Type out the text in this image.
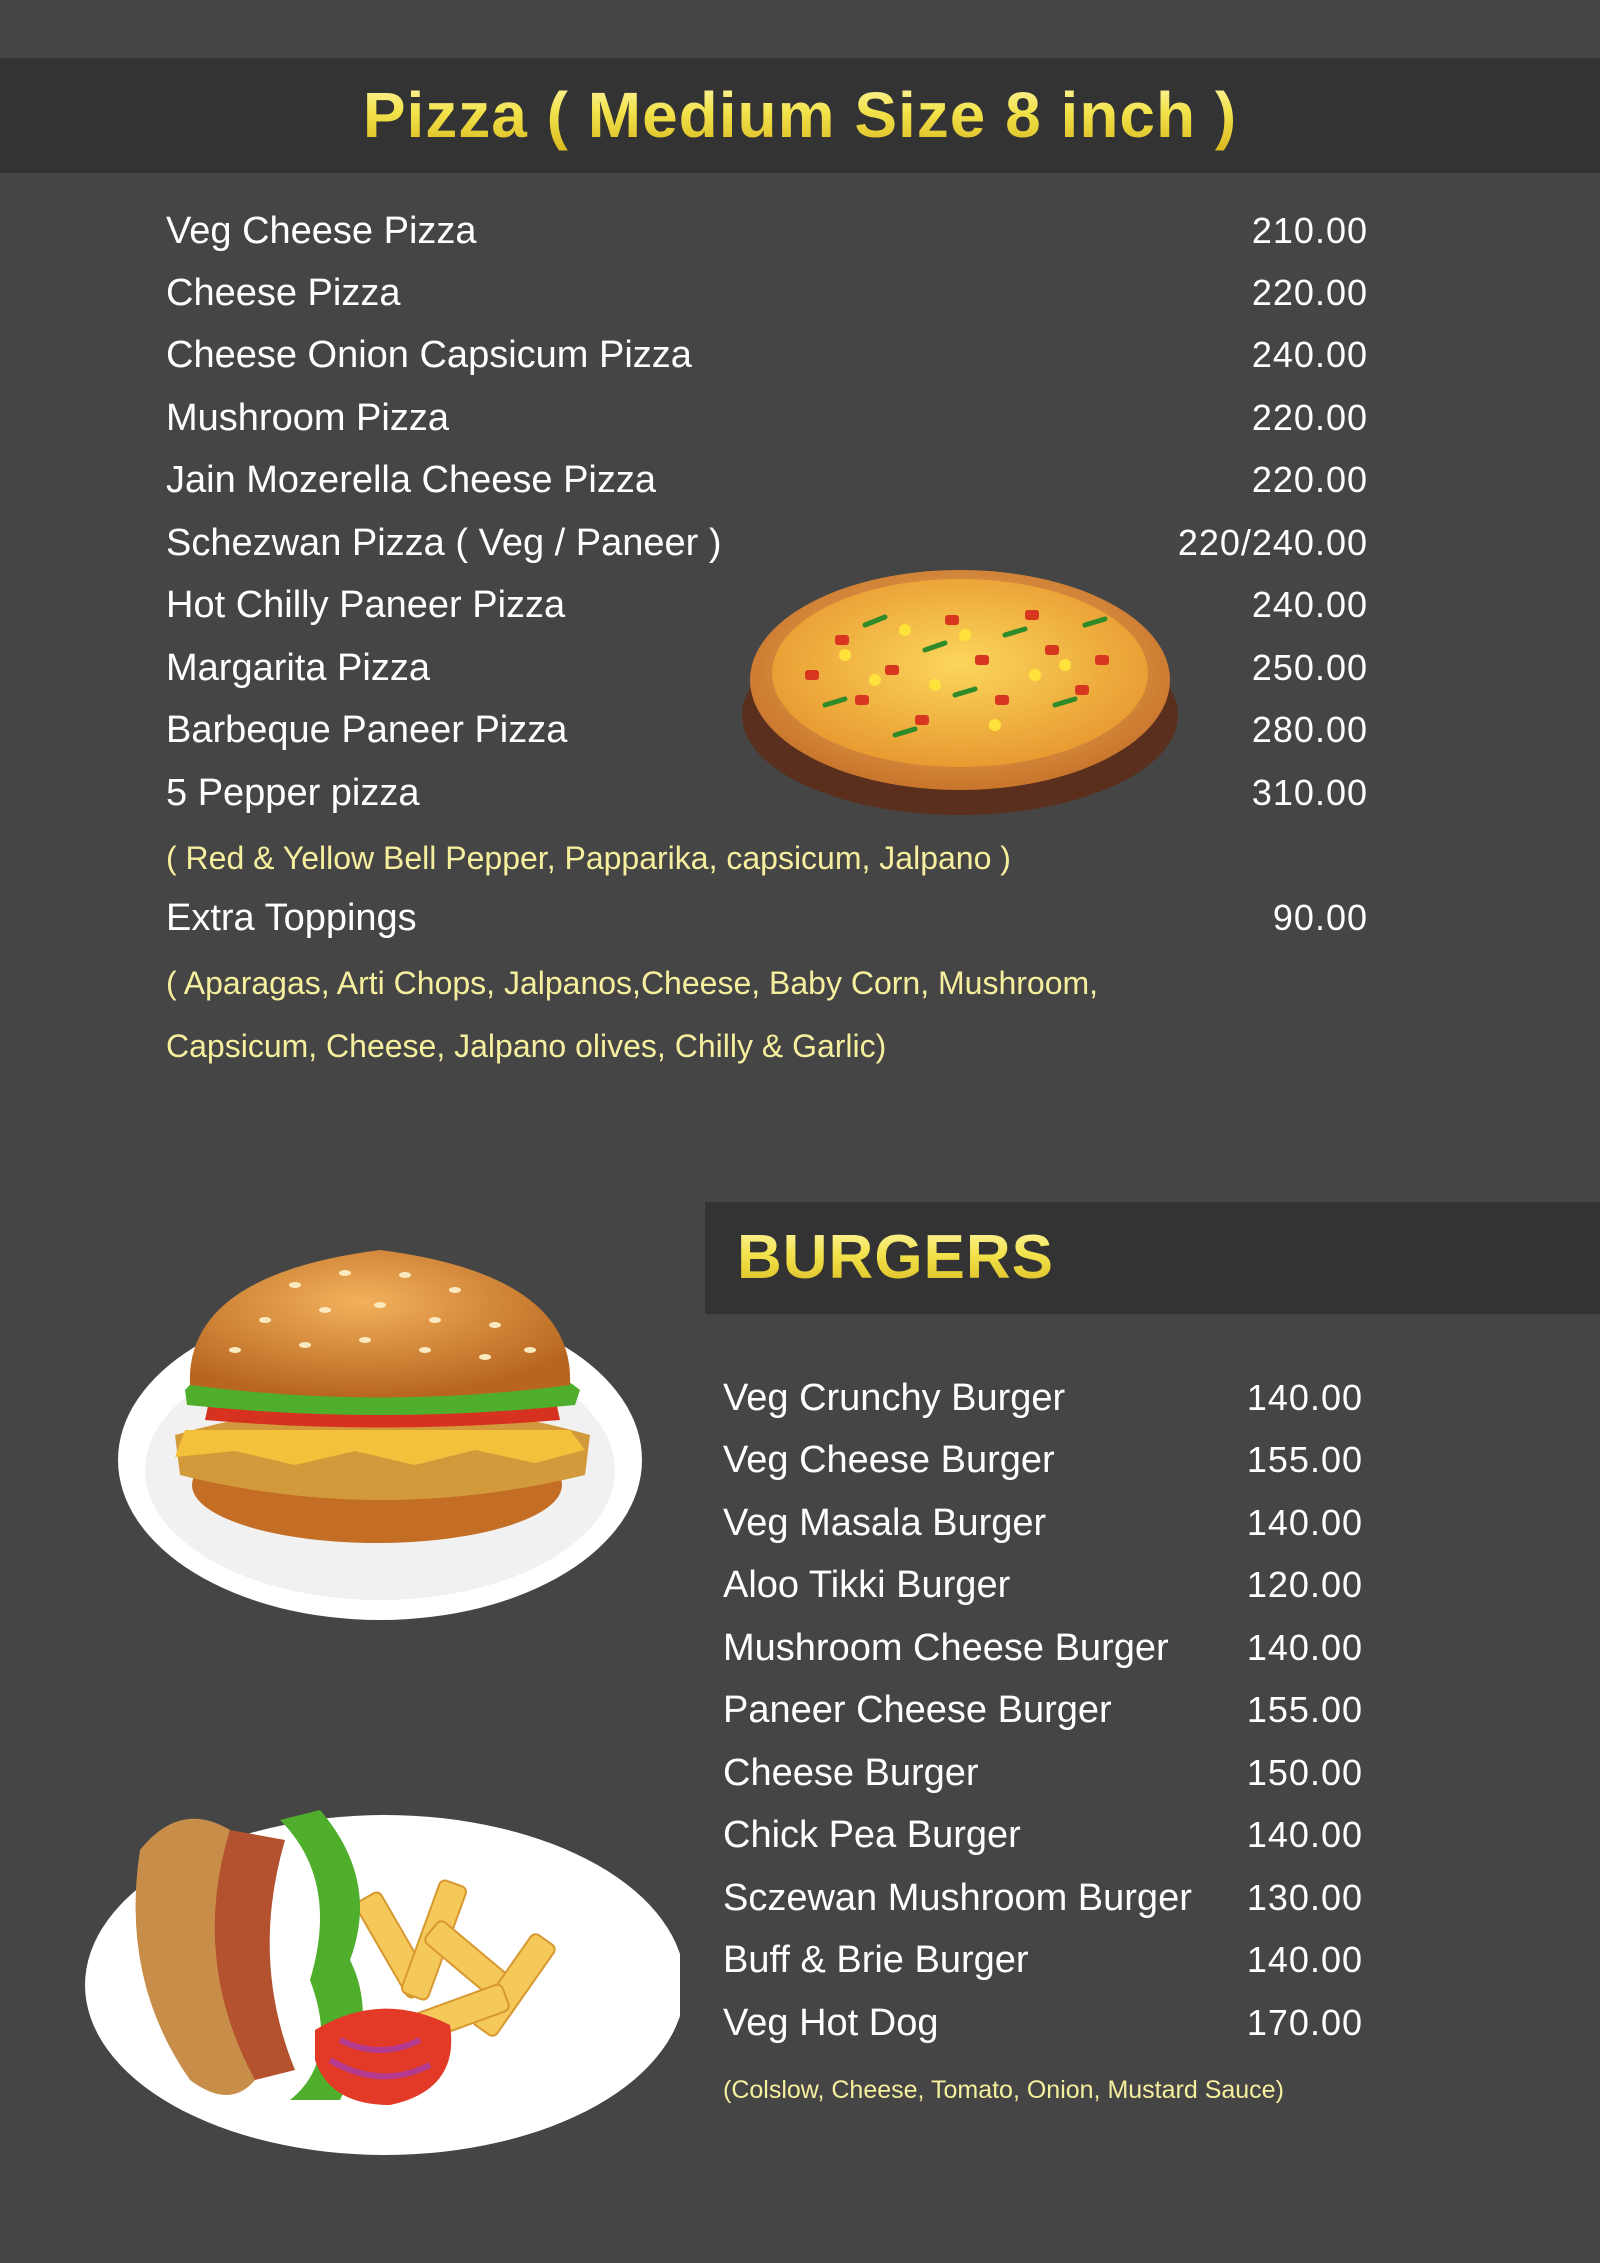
Pizza ( Medium Size 8 inch )
Veg Cheese Pizza	210.00
Cheese Pizza	220.00
Cheese Onion Capsicum Pizza	240.00
Mushroom Pizza	220.00
Jain Mozerella Cheese Pizza	220.00
Schezwan Pizza ( Veg / Paneer )	220/240.00
Hot Chilly Paneer Pizza	240.00
Margarita Pizza	250.00
Barbeque Paneer Pizza	280.00
5 Pepper pizza	310.00
( Red & Yellow Bell Pepper, Papparika, capsicum, Jalpano )
Extra Toppings	90.00
( Aparagas, Arti Chops, Jalpanos,Cheese, Baby Corn, Mushroom,
Capsicum, Cheese, Jalpano olives, Chilly & Garlic)
BURGERS
Veg Crunchy Burger	140.00
Veg Cheese Burger	155.00
Veg Masala Burger	140.00
Aloo Tikki Burger	120.00
Mushroom Cheese Burger 140.00
Paneer Cheese Burger	155.00
Cheese Burger	150.00
Chick Pea Burger	140.00
Sczewan Mushroom Burger 130.00
Buff & Brie Burger	140.00
Veg Hot Dog	170.00
(Colslow, Cheese, Tomato, Onion, Mustard Sauce)
